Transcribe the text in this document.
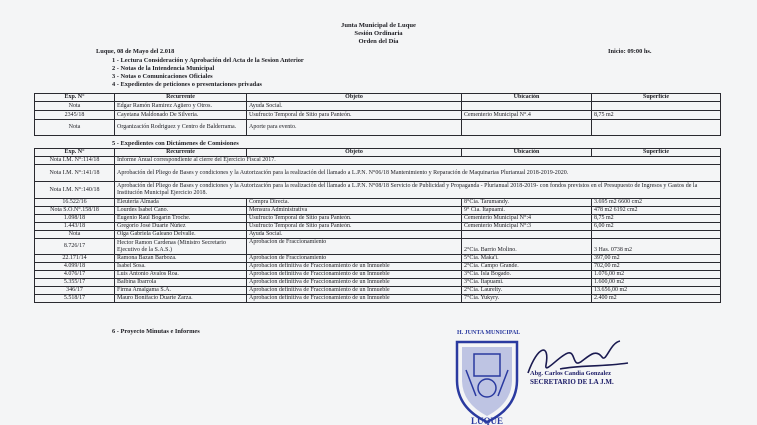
Junta Municipal de Luque
Sesión Ordinaria
Orden del Día
Luque, 08 de Mayo del 2.018	Inicio: 09:00 hs.
1 - Lectura Consideración y Aprobación del Acta de la Sesion Anterior
2 - Notas de la Intendencia Municipal
3 - Notas o Comunicaciones Oficiales
4 - Expedientes de peticiones o presentaciones privadas
Exp. N°	Recurrente	Objeto	Ubicación	Superficie
Nota	Edgar Ramón Ramirez Agüero y Otros.	Ayuda Social.		
2345/18	Cayetana Maldonado De Silveria.	Usufructo Temporal de Sitio para Panteón.	Cementerio Municipal N°.4	8,75 m2
Nota	Organización Rodriguez y Centro de Balderrama.	Aporte para evento.		
5 - Expedientes con Dictámenes de Comisiones
Exp. N°	Recurrente	Objeto	Ubicación	Superficie
Nota I.M. N°:114/18	Informe Anual correspondiente al cierre del Ejercicio Fiscal 2017.			
Nota I.M. N°:141/18	Aprobación del Pliego de Bases y condiciones y la Autorización para la realización del llamado a L.P.N. N°06/18 Mantenimiento y Reparación de Maquinarias Plurianual 2018-2019-2020.			
Nota I.M. N°:140/18	Aprobación del Pliego de Bases y condiciones y la Autorización para la realización del llamado a L.P.N. N°08/18 Servicio de Publicidad y Propaganda - Plurianual 2018-2019- con fondos previstos en el Presupuesto de Ingresos y Gastos de la Institución Municipal Ejercicio 2018.			
16.522/16	Eleuteria Almada	Compra Directa.	8°Cia. Tarumandy.	3.695 m2 6600 cm2
Nota S.O.N°.158/18	Lourdes Isabel Cano.	Mensura Administrativa	9° Cia. Itapuami.	478 m2 6192 cm2
1.098/18	Eugenio Raúl Bogarín Troche.	Usufructo Temporal de Sitio para Panteón.	Cementerio Municipal N°:4	8,75 m2
1.443/18	Gregorio José Duarte Núñez	Usufructo Temporal de Sitio para Panteón.	Cementerio Municipal N°:3	6,00 m2
Nota	Olga Gabriela Galeano Delvalle.	Ayuda Social.		
8.726/17	Hector Ramon Cardenas (Ministro Secretario Ejecutivo de la S.A.S.)	Aprobacion de Fraccionamiento	2°Cia. Barrio Molino.	3 Has. 0738 m2
22.171/14	Ramona Bazan Barboza.	Aprobacion de Fraccionamiento	5°Cia. Maka'i.	397,00 m2
4.099/18	Isabel Sosa.	Aprobacion definitiva de Fraccionamiento de un Inmueble	2°Cia. Campo Grande.	702,00 m2
4.076/17	Luis Antonio Avalos Roa.	Aprobacion definitiva de Fraccionamiento de un Inmueble	3°Cia. Isla Bogado.	1.076,00 m2
5.355/17	Balbina Ibarrola	Aprobacion definitiva de Fraccionamiento de un Inmueble	3°Cia. Itapuami.	1.600,00 m2
346/17	Firma Amalgama S.A.	Aprobacion definitiva de Fraccionamiento de un Inmueble	2°Cia. Laurelty.	13.656,00 m2
5.518/17	Mauro Bonifacio Duarte Zarza.	Aprobacion definitiva de Fraccionamiento de un Inmueble	7°Cia. Yukyry.	2.400 m2
6 - Proyecto Minutas e Informes	H. JUNTA MUNICIPAL
LUQUE
Abg. Carlos Candia Gonzalez
SECRETARIO DE LA J.M.
